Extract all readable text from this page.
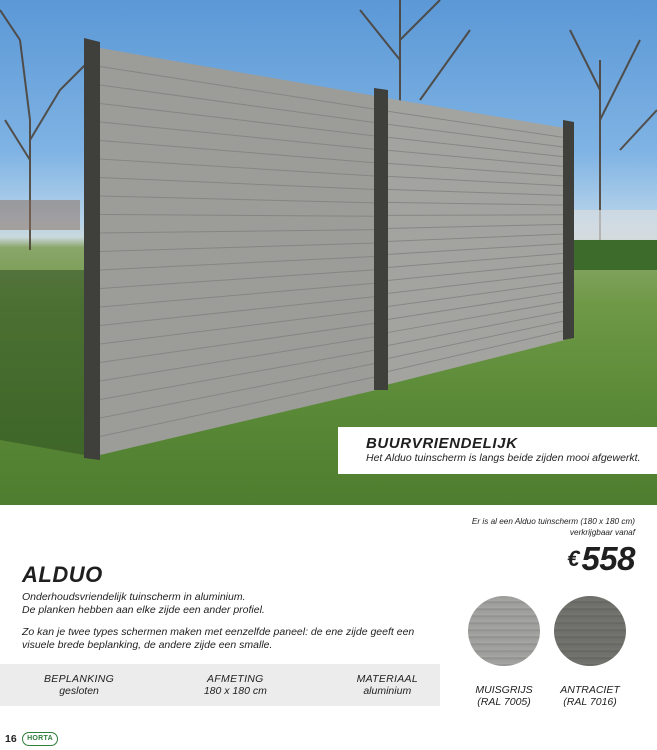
BUURVRIENDELIJK
Het Alduo tuinscherm is langs beide zijden mooi afgewerkt.
Er is al een Alduo tuinscherm (180 x 180 cm)
verkrijgbaar vanaf
€558
ALDUO

Onderhoudsvriendelijk tuinscherm in aluminium.
De planken hebben aan elke zijde een ander profiel.

Zo kan je twee types schermen maken met eenzelfde paneel: de ene zijde geeft een
visuele brede beplanking, de andere zijde een smalle.

BEPLANKING
gesloten
AFMETING
180 x 180 cm
MATERIAAL
aluminium	MUISGRIJS
(RAL 7005)
ANTRACIET
(RAL 7016)
16	HORTA
